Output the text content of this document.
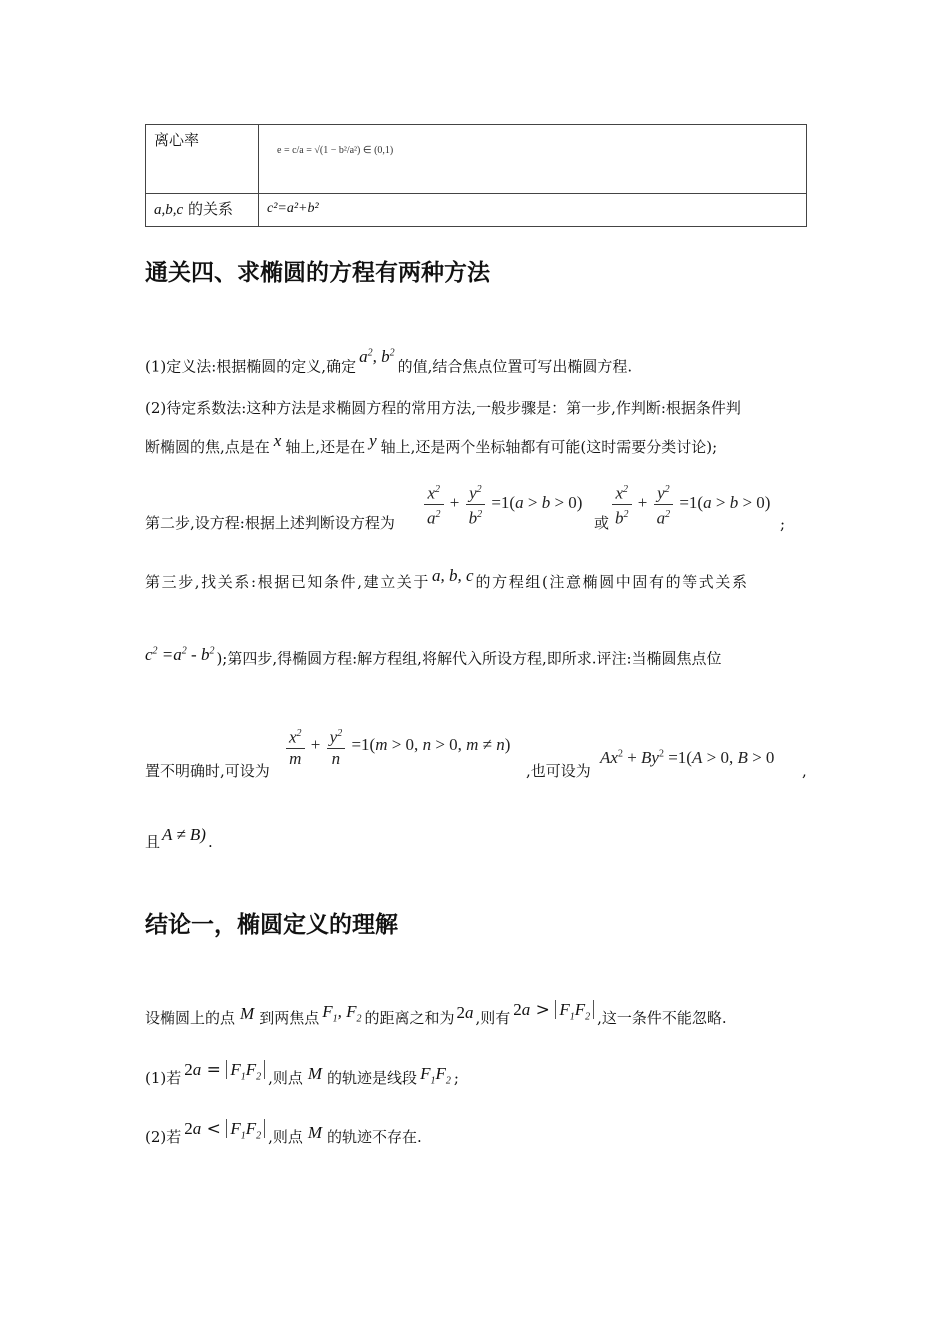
离心率	e = c/a = √(1 − b²/a²) ∈ (0,1)
a,b,c 的关系	c²=a²+b²
通关四、求椭圆的方程有两种方法
(1)定义法:根据椭圆的定义,确定$a^2$, $b^2$的值,结合焦点位置可写出椭圆方程.
(2)待定系数法:这种方法是求椭圆方程的常用方法,一般步骤是：第一步,作判断:根据条件判
断椭圆的焦,点是在 x 轴上,还是在 y 轴上,还是两个坐标轴都有可能(这时需要分类讨论);
第二步,设方程:根据上述判断设方程为 $\frac{x^2}{a^2} + \frac{y^2}{b^2} =1(a > b > 0)$
或 $\frac{x^2}{b^2} + \frac{y^2}{a^2} =1(a > b > 0)$
;
第三步,找关系:根据已知条件,建立关于 a, b, c 的方程组(注意椭圆中固有的等式关系
$c^2 =a^2 - b^2$ );第四步,得椭圆方程:解方程组,将解代入所设方程,即所求.评注:当椭圆焦点位
置不明确时,可设为
$\frac{x^2}{m} + \frac{y^2}{n} =1(m > 0$, n > 0, m ≠ n)
,也可设为
$Ax^2 + By^2 =1(A > 0$, B > 0
,
且 A ≠ B) .
结论一，椭圆定义的理解
设椭圆上的点 M 到两焦点 $F_1$, $F_2$ 的距离之和为 2a ,则有 $2a > F_1F_2$ ,这一条件不能忽略.
(1)若 $2a = F_1F_2$ ,则点 M 的轨迹是线段 $F_1F_2$ ;
(2)若 $2a < F_1F_2$ ,则点 M 的轨迹不存在.
